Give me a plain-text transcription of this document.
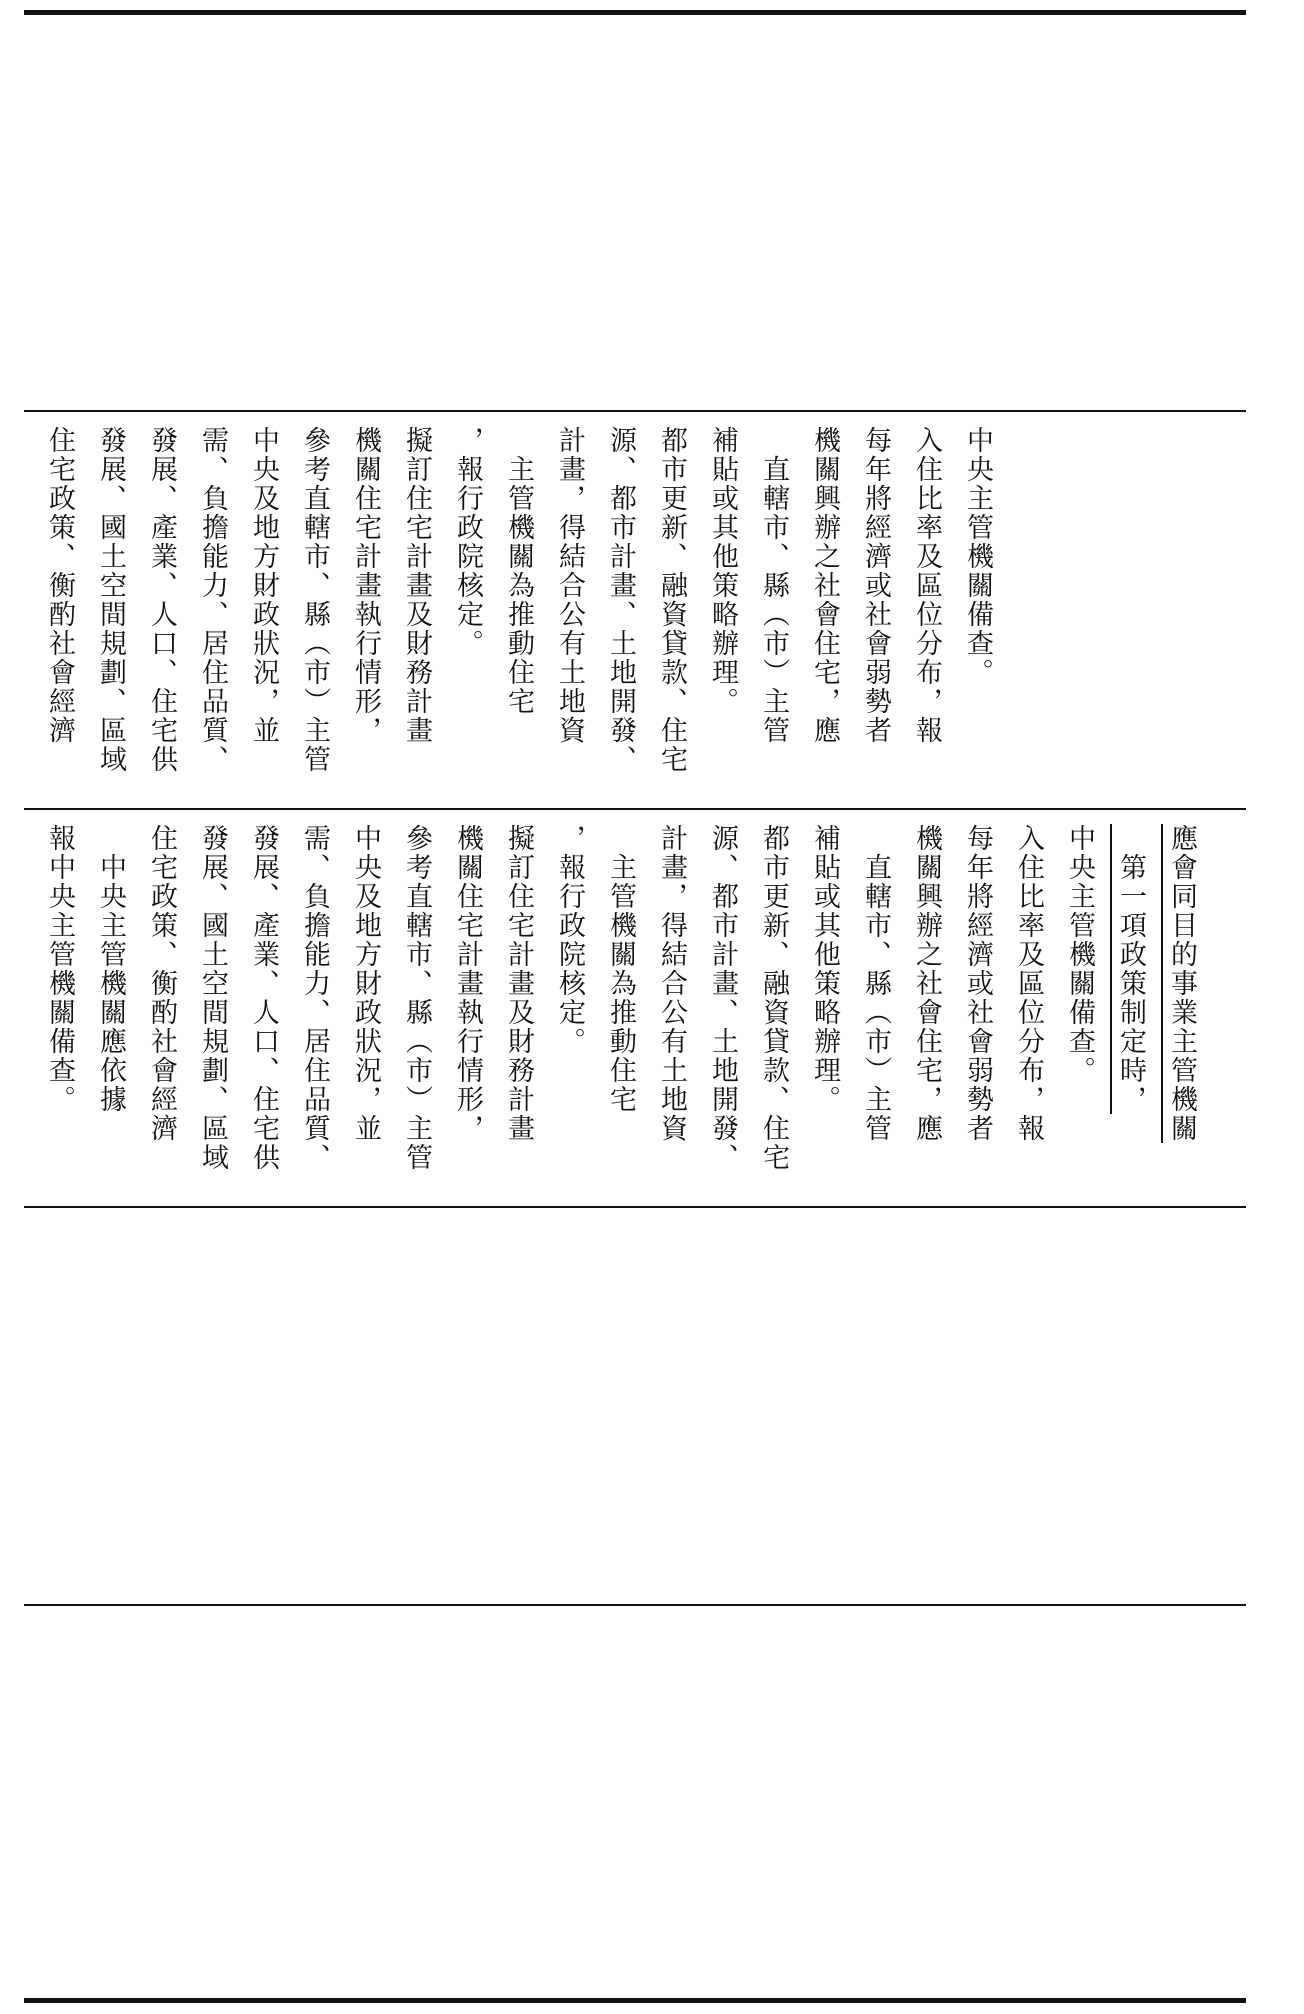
住宅政策、衡酌社會經濟 發展、國土空間規劃、區域 發展、產業、人口、住宅供 需、負擔能力、居住品質、 中央及地方財政狀況，並 參考直轄市、縣（市）主管 機關住宅計畫執行情形， 擬訂住宅計畫及財務計畫 ，報行政院核定。 　主管機關為推動住宅 計畫，得結合公有土地資 源、都市計畫、土地開發、 都市更新、融資貸款、住宅 補貼或其他策略辦理。 　直轄市、縣（市）主管 機關興辦之社會住宅，應 每年將經濟或社會弱勢者 入住比率及區位分布，報 中央主管機關備查。
報中央主管機關備查。 　中央主管機關應依據 住宅政策、衡酌社會經濟 發展、國土空間規劃、區域 發展、產業、人口、住宅供 需、負擔能力、居住品質、 中央及地方財政狀況，並 參考直轄市、縣（市）主管 機關住宅計畫執行情形， 擬訂住宅計畫及財務計畫 ，報行政院核定。 　主管機關為推動住宅 計畫，得結合公有土地資 源、都市計畫、土地開發、 都市更新、融資貸款、住宅 補貼或其他策略辦理。 　直轄市、縣（市）主管 機關興辦之社會住宅，應 每年將經濟或社會弱勢者 入住比率及區位分布，報 中央主管機關備查。 　第一項政策制定時， 應會同目的事業主管機關
